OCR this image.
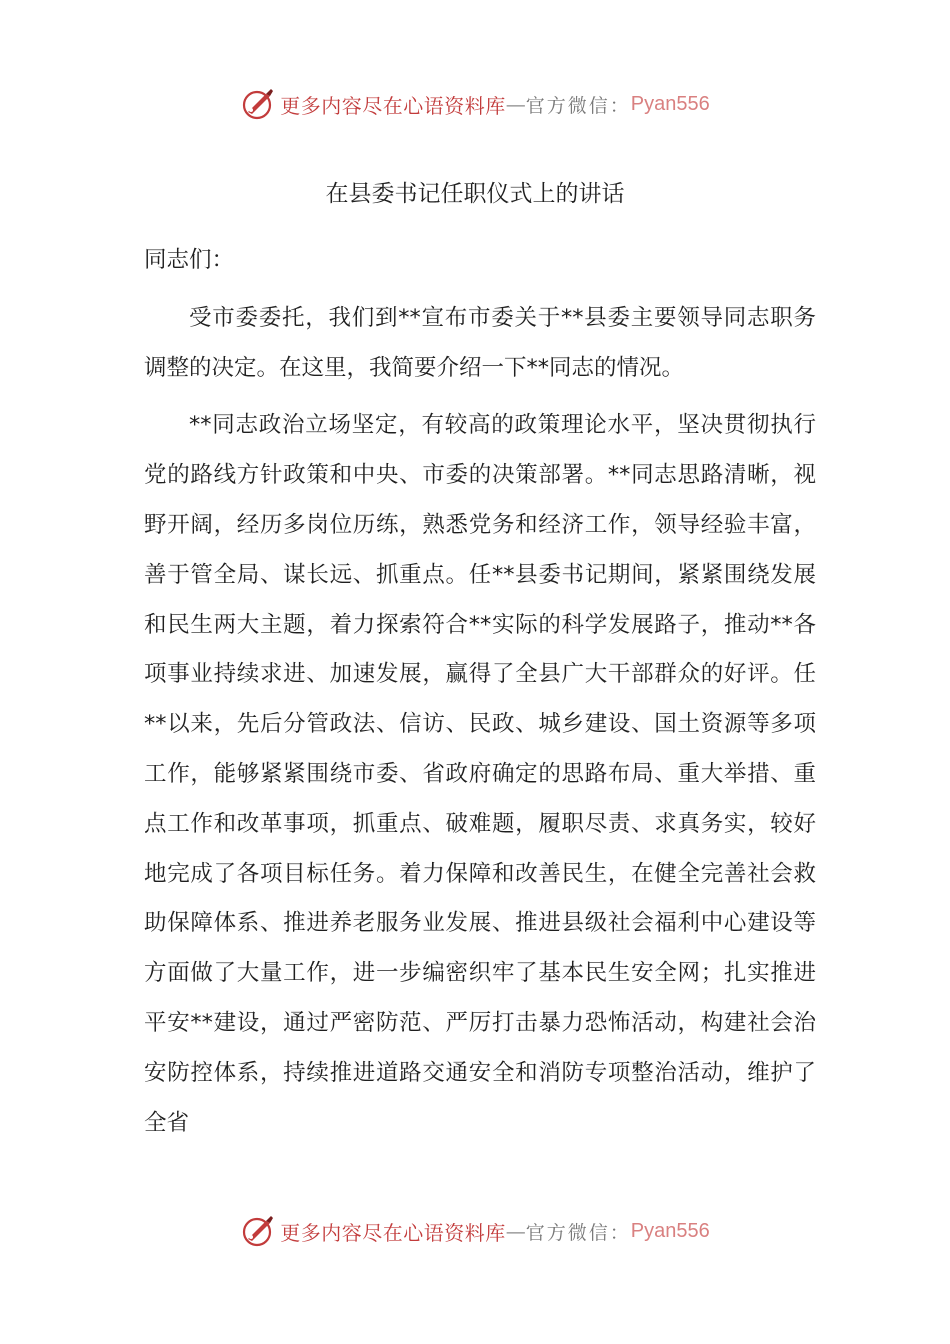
更多内容尽在心语资料库 — 官方微信： Pyan556
在县委书记任职仪式上的讲话

同志们：

受市委委托，我们到**宣布市委关于**县委主要领导同志职务调整的决定。在这里，我简要介绍一下**同志的情况。

**同志政治立场坚定，有较高的政策理论水平，坚决贯彻执行党的路线方针政策和中央、市委的决策部署。**同志思路清晰，视野开阔，经历多岗位历练，熟悉党务和经济工作，领导经验丰富，善于管全局、谋长远、抓重点。任**县委书记期间，紧紧围绕发展和民生两大主题，着力探索符合**实际的科学发展路子，推动**各项事业持续求进、加速发展，赢得了全县广大干部群众的好评。任**以来，先后分管政法、信访、民政、城乡建设、国土资源等多项工作，能够紧紧围绕市委、省政府确定的思路布局、重大举措、重点工作和改革事项，抓重点、破难题，履职尽责、求真务实，较好地完成了各项目标任务。着力保障和改善民生，在健全完善社会救助保障体系、推进养老服务业发展、推进县级社会福利中心建设等方面做了大量工作，进一步编密织牢了基本民生安全网；扎实推进平安**建设，通过严密防范、严厉打击暴力恐怖活动，构建社会治安防控体系，持续推进道路交通安全和消防专项整治活动，维护了全省

更多内容尽在心语资料库 — 官方微信： Pyan556
